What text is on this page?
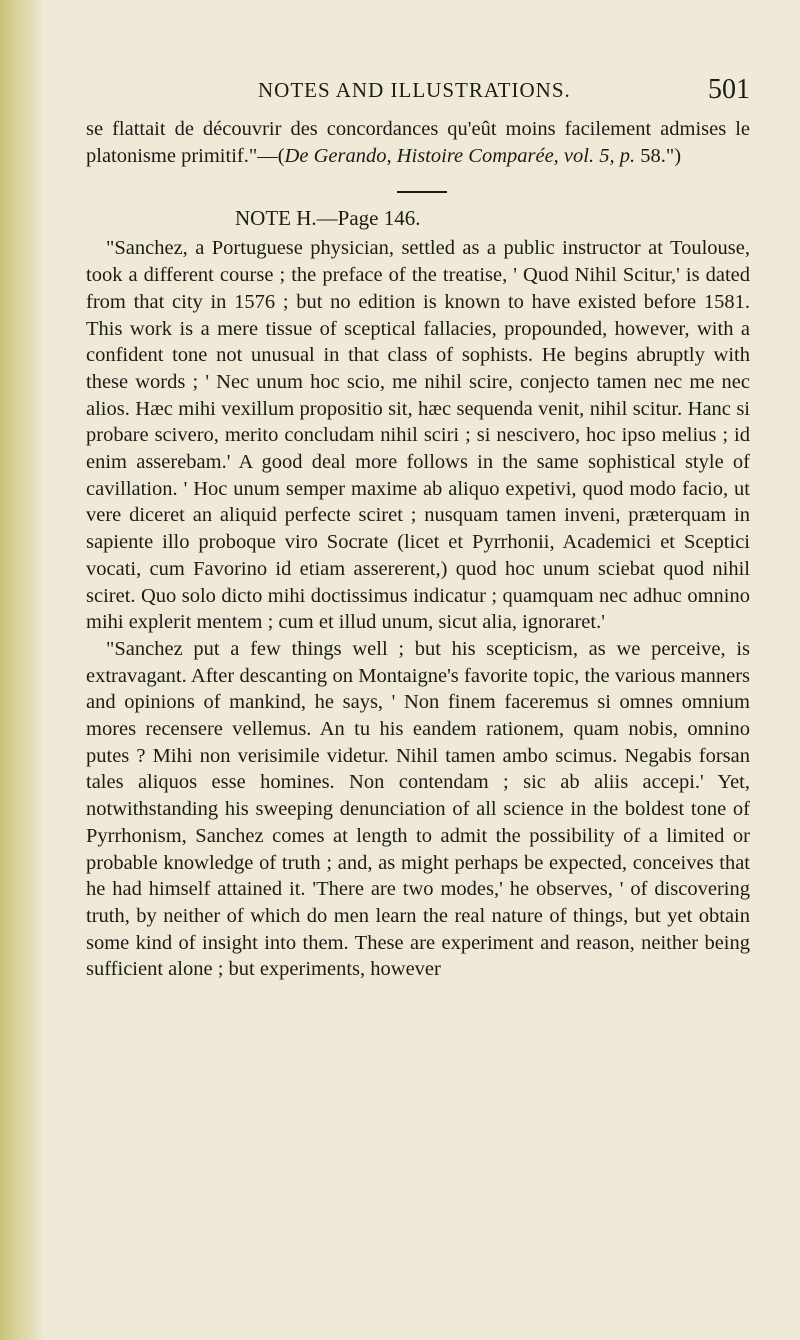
NOTES AND ILLUSTRATIONS.	501

se flattait de découvrir des concordances qu'eût moins facilement admises le platonisme primitif."—(De Gerando, Histoire Comparée, vol. 5, p. 58.")

NOTE H.—Page 146.

"Sanchez, a Portuguese physician, settled as a public instructor at Toulouse, took a different course ; the preface of the treatise, ' Quod Nihil Scitur,' is dated from that city in 1576 ; but no edition is known to have existed before 1581. This work is a mere tissue of sceptical fallacies, propounded, however, with a confident tone not unusual in that class of sophists. He begins abruptly with these words ; ' Nec unum hoc scio, me nihil scire, conjecto tamen nec me nec alios. Hæc mihi vexillum propositio sit, hæc sequenda venit, nihil scitur. Hanc si probare scivero, merito concludam nihil sciri ; si nescivero, hoc ipso melius ; id enim asserebam.' A good deal more follows in the same sophistical style of cavillation. ' Hoc unum semper maxime ab aliquo expetivi, quod modo facio, ut vere diceret an aliquid perfecte sciret ; nusquam tamen inveni, præterquam in sapiente illo proboque viro Socrate (licet et Pyrrhonii, Academici et Sceptici vocati, cum Favorino id etiam assererent,) quod hoc unum sciebat quod nihil sciret. Quo solo dicto mihi doctissimus indicatur ; quamquam nec adhuc omnino mihi explerit mentem ; cum et illud unum, sicut alia, ignoraret.'

"Sanchez put a few things well ; but his scepticism, as we perceive, is extravagant. After descanting on Montaigne's favorite topic, the various manners and opinions of mankind, he says, ' Non finem faceremus si omnes omnium mores recensere vellemus. An tu his eandem rationem, quam nobis, omnino putes ? Mihi non verisimile videtur. Nihil tamen ambo scimus. Negabis forsan tales aliquos esse homines. Non contendam ; sic ab aliis accepi.' Yet, notwithstanding his sweeping denunciation of all science in the boldest tone of Pyrrhonism, Sanchez comes at length to admit the possibility of a limited or probable knowledge of truth ; and, as might perhaps be expected, conceives that he had himself attained it. 'There are two modes,' he observes, ' of discovering truth, by neither of which do men learn the real nature of things, but yet obtain some kind of insight into them. These are experiment and reason, neither being sufficient alone ; but experiments, however
